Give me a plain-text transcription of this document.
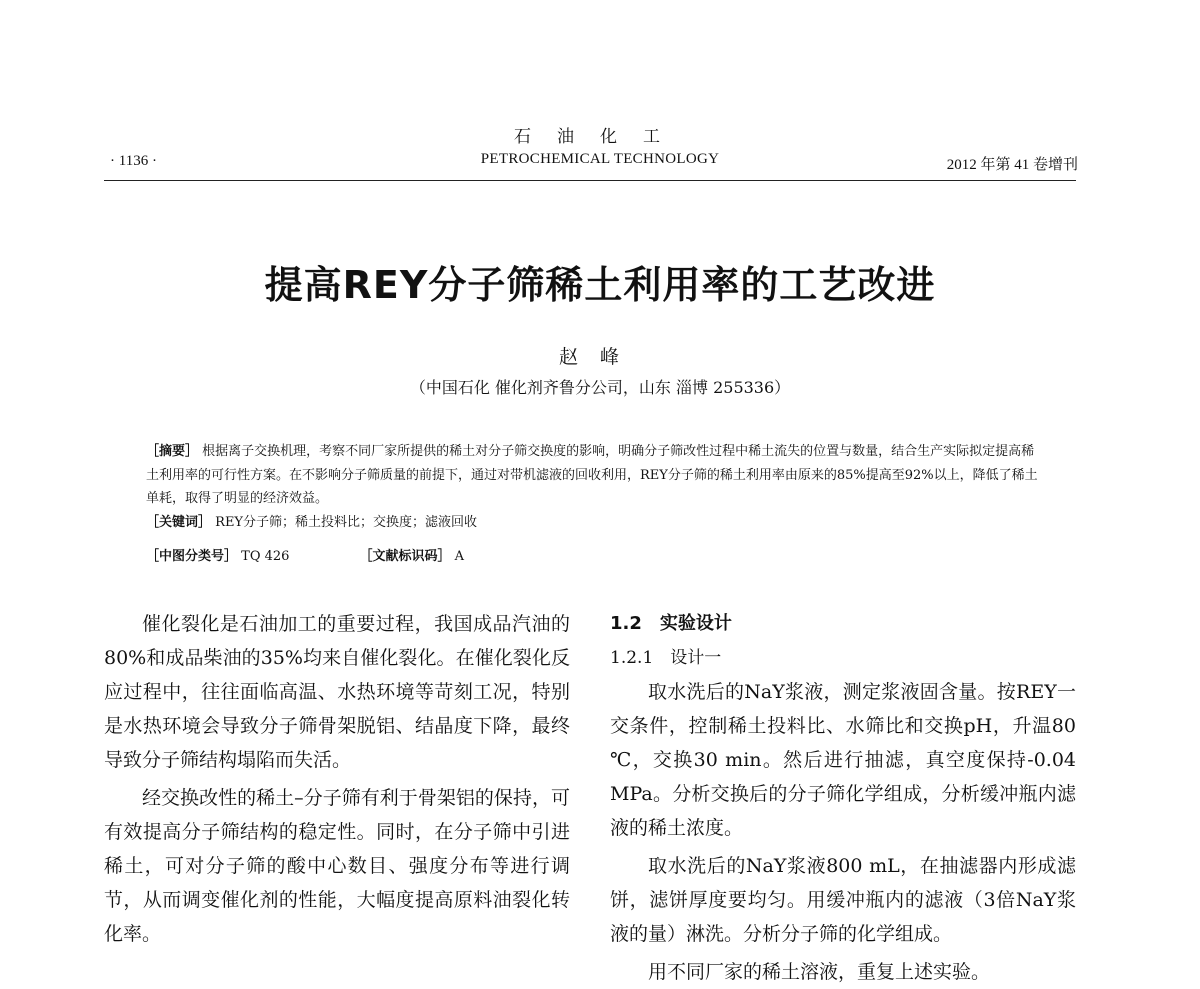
石油化工
PETROCHEMICAL TECHNOLOGY
· 1136 ·	2012 年第 41 卷增刊
提高REY分子筛稀土利用率的工艺改进
赵峰
（中国石化 催化剂齐鲁分公司，山东 淄博 255336）

［摘要］ 根据离子交换机理，考察不同厂家所提供的稀土对分子筛交换度的影响，明确分子筛改性过程中稀土流失的位置与数量，结合生产实际拟定提高稀土利用率的可行性方案。在不影响分子筛质量的前提下，通过对带机滤液的回收利用，REY分子筛的稀土利用率由原来的85%提高至92%以上，降低了稀土单耗，取得了明显的经济效益。

［关键词］ REY分子筛；稀土投料比；交换度；滤液回收

［中图分类号］ TQ 426	［文献标识码］ A

催化裂化是石油加工的重要过程，我国成品汽油的80%和成品柴油的35%均来自催化裂化。在催化裂化反应过程中，往往面临高温、水热环境等苛刻工况，特别是水热环境会导致分子筛骨架脱铝、结晶度下降，最终导致分子筛结构塌陷而失活。

经交换改性的稀土–分子筛有利于骨架铝的保持，可有效提高分子筛结构的稳定性。同时，在分子筛中引进稀土，可对分子筛的酸中心数目、强度分布等进行调节，从而调变催化剂的性能，大幅度提高原料油裂化转化率。

1.2　实验设计

1.2.1　设计一

取水洗后的NaY浆液，测定浆液固含量。按REY一交条件，控制稀土投料比、水筛比和交换pH，升温80 ℃，交换30 min。然后进行抽滤，真空度保持-0.04 MPa。分析交换后的分子筛化学组成，分析缓冲瓶内滤液的稀土浓度。

取水洗后的NaY浆液800 mL，在抽滤器内形成滤饼，滤饼厚度要均匀。用缓冲瓶内的滤液（3倍NaY浆液的量）淋洗。分析分子筛的化学组成。

用不同厂家的稀土溶液，重复上述实验。
